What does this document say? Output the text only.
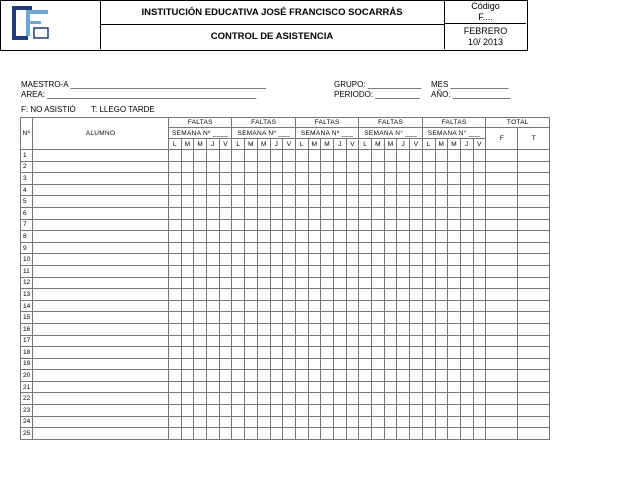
INSTITUCIÓN EDUCATIVA JOSÉ FRANCISCO SOCARRÁS
CONTROL DE ASISTENCIA
Código
F....
FEBRERO
10/ 2013
MAESTRO-A ____________________________________________
AREA: _______________________________________________
GRUPO: ____________
PERIODO: __________
MES _____________
AÑO: _____________
F: NO ASISTIÓ T: LLEGO TARDE
Nº	ALUMNO	FALTAS					FALTAS					FALTAS					FALTAS					FALTAS					TOTAL	
		SEMANA Nº ____					SEMANA Nº ___					SEMANA Nº ___					SEMANA N° ___					SEMANA N° ___					F	T
		L	M	M	J	V	L	M	M	J	V	L	M	M	J	V	L	M	M	J	V	L	M	M	J	V		
1																												
2																												
3																												
4																												
5																												
6																												
7																												
8																												
9																												
10																												
11																												
12																												
13																												
14																												
15																												
16																												
17																												
18																												
19																												
20																												
21																												
22																												
23																												
24																												
25																												
